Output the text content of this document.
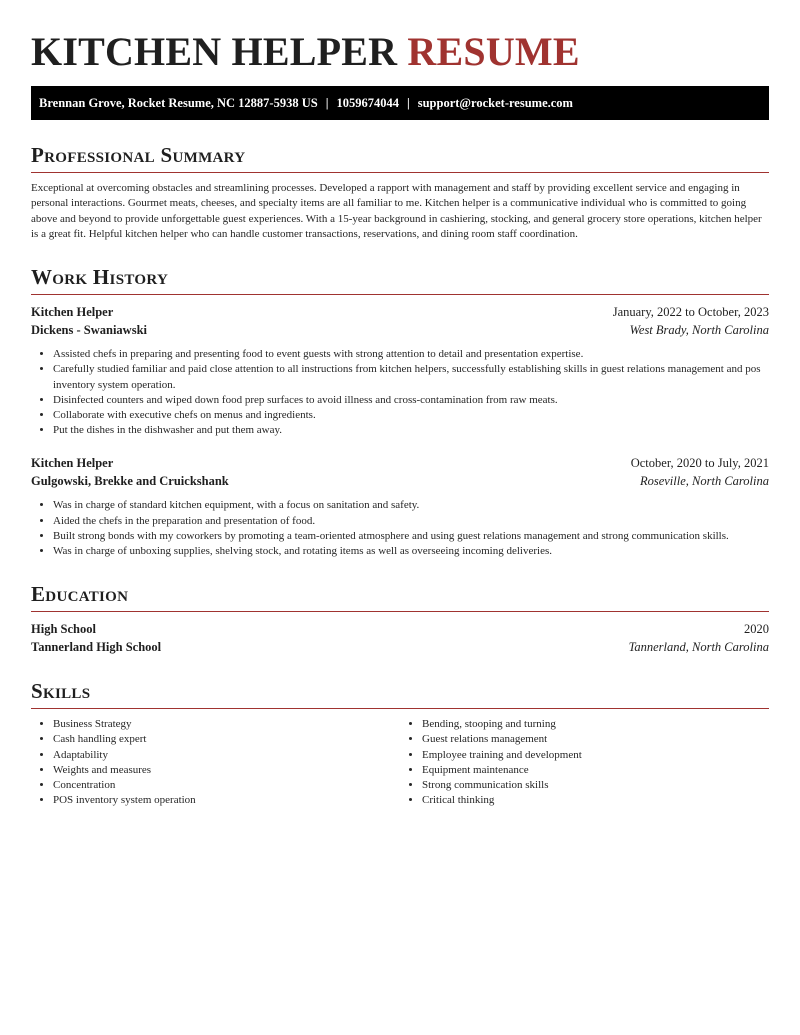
KITCHEN HELPER RESUME
Brennan Grove, Rocket Resume, NC 12887-5938 US | 1059674044 | support@rocket-resume.com
Professional Summary

Exceptional at overcoming obstacles and streamlining processes. Developed a rapport with management and staff by providing excellent service and engaging in personal interactions. Gourmet meats, cheeses, and specialty items are all familiar to me. Kitchen helper is a communicative individual who is committed to going above and beyond to provide unforgettable guest experiences. With a 15-year background in cashiering, stocking, and general grocery store operations, kitchen helper is a great fit. Helpful kitchen helper who can handle customer transactions, reservations, and dining room staff coordination.

Work History
Kitchen Helper	January, 2022 to October, 2023
Dickens - Swaniawski	West Brady, North Carolina
• Assisted chefs in preparing and presenting food to event guests with strong attention to detail and presentation expertise.
• Carefully studied familiar and paid close attention to all instructions from kitchen helpers, successfully establishing skills in guest relations management and pos inventory system operation.
• Disinfected counters and wiped down food prep surfaces to avoid illness and cross-contamination from raw meats.
• Collaborate with executive chefs on menus and ingredients.
• Put the dishes in the dishwasher and put them away.
Kitchen Helper	October, 2020 to July, 2021
Gulgowski, Brekke and Cruickshank	Roseville, North Carolina
• Was in charge of standard kitchen equipment, with a focus on sanitation and safety.
• Aided the chefs in the preparation and presentation of food.
• Built strong bonds with my coworkers by promoting a team-oriented atmosphere and using guest relations management and strong communication skills.
• Was in charge of unboxing supplies, shelving stock, and rotating items as well as overseeing incoming deliveries.
Education
High School	2020
Tannerland High School	Tannerland, North Carolina
Skills
• Business Strategy
• Cash handling expert
• Adaptability
• Weights and measures
• Concentration
• POS inventory system operation
• Bending, stooping and turning
• Guest relations management
• Employee training and development
• Equipment maintenance
• Strong communication skills
• Critical thinking
